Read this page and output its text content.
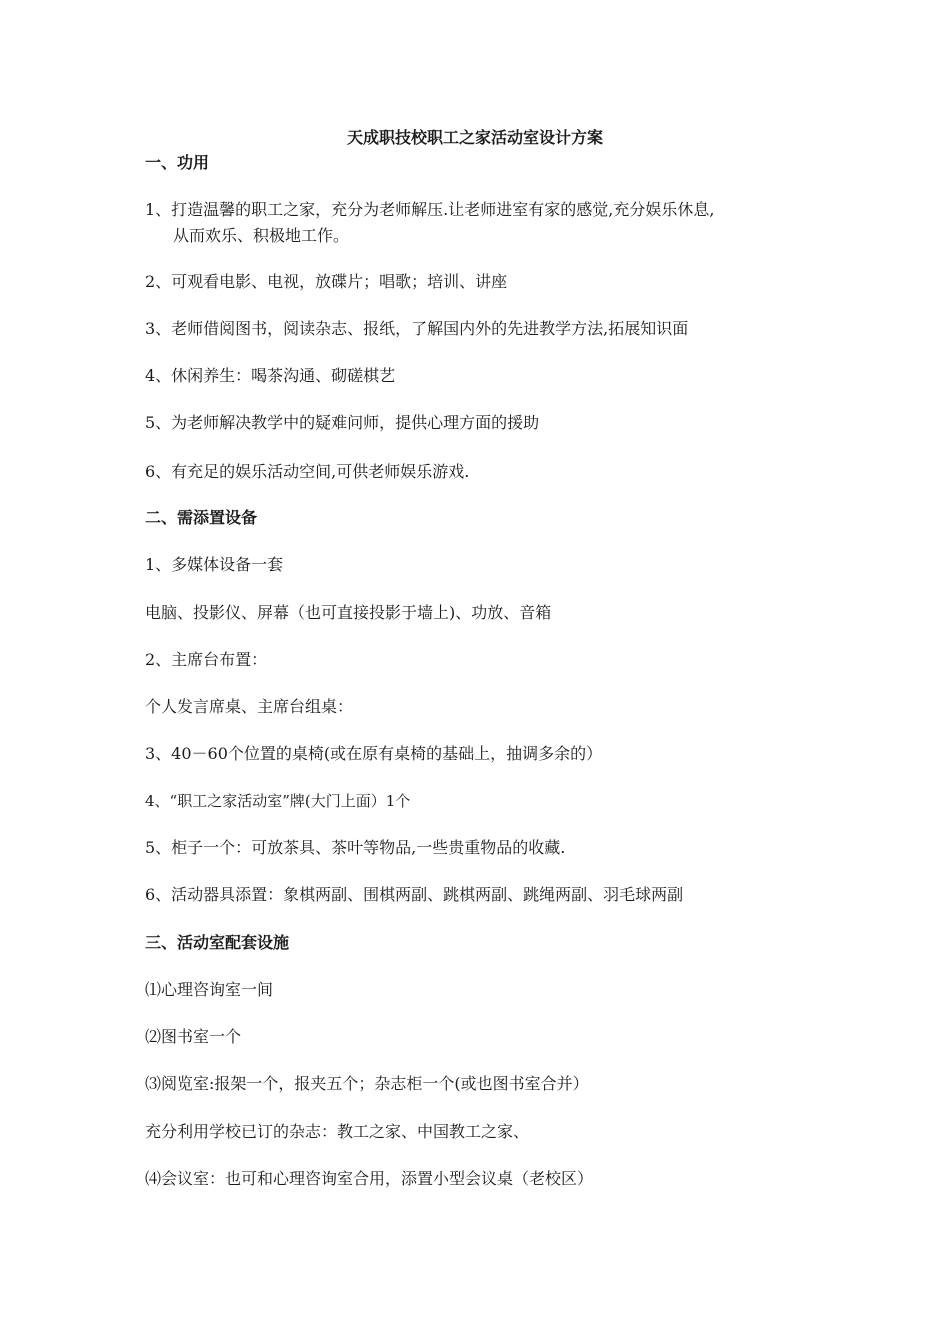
天成职技校职工之家活动室设计方案
一、功用
1、打造温馨的职工之家，充分为老师解压.让老师进室有家的感觉,充分娱乐休息,
从而欢乐、积极地工作。
2、可观看电影、电视，放碟片；唱歌；培训、讲座
3、老师借阅图书，阅读杂志、报纸，了解国内外的先进教学方法,拓展知识面
4、休闲养生：喝茶沟通、砌磋棋艺
5、为老师解决教学中的疑难问师，提供心理方面的援助
6、有充足的娱乐活动空间,可供老师娱乐游戏.
二、需添置设备
1、多媒体设备一套
电脑、投影仪、屏幕（也可直接投影于墙上)、功放、音箱
2、主席台布置：
个人发言席桌、主席台组桌：
3、40－60个位置的桌椅(或在原有桌椅的基础上，抽调多余的）
4、“职工之家活动室”牌(大门上面）1个
5、柜子一个：可放茶具、茶叶等物品,一些贵重物品的收藏.
6、活动器具添置：象棋两副、围棋两副、跳棋两副、跳绳两副、羽毛球两副
三、活动室配套设施
⑴心理咨询室一间
⑵图书室一个
⑶阅览室:报架一个，报夹五个；杂志柜一个(或也图书室合并）
充分利用学校已订的杂志：教工之家、中国教工之家、
⑷会议室：也可和心理咨询室合用，添置小型会议桌（老校区）
